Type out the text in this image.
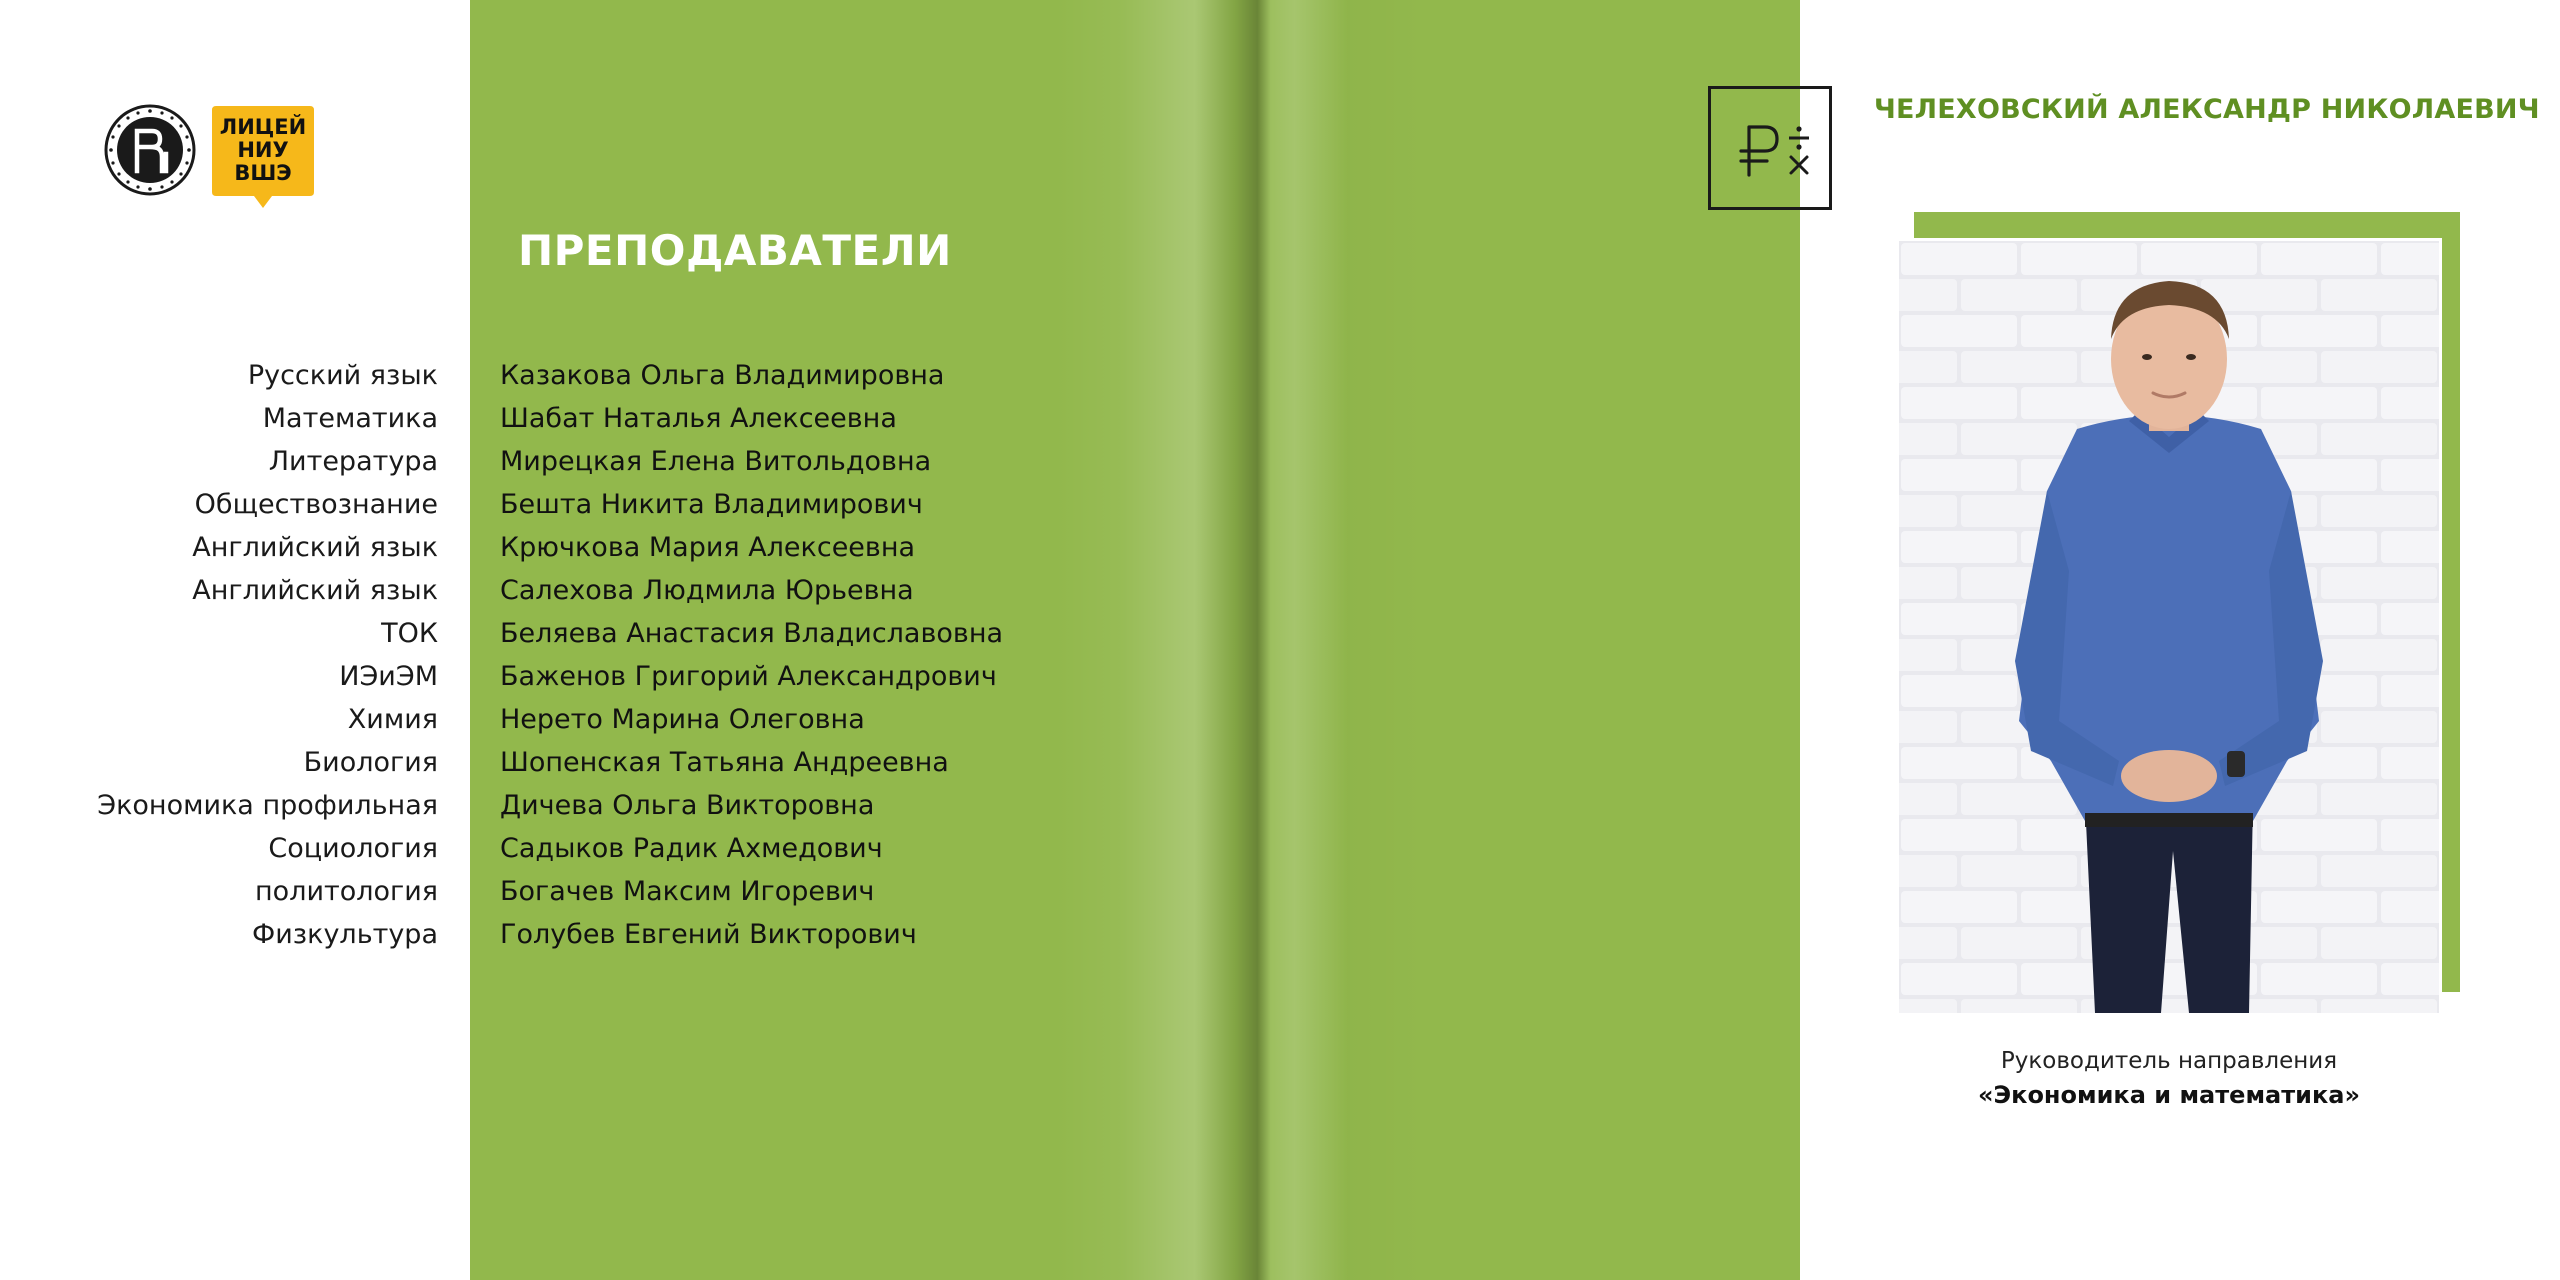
ЛИЦЕЙ
НИУ
ВШЭ
ПРЕПОДАВАТЕЛИ
Русский язык
Математика
Литература
Обществознание
Английский язык
Английский язык
ТОК
ИЭиЭМ
Химия
Биология
Экономика профильная
Социология
политология
Физкультура
Казакова Ольга Владимировна
Шабат Наталья Алексеевна
Мирецкая Елена Витольдовна
Бешта Никита Владимирович
Крючкова Мария Алексеевна
Салехова Людмила Юрьевна
Беляева Анастасия Владиславовна
Баженов Григорий Александрович
Нерето Марина Олеговна
Шопенская Татьяна Андреевна
Дичева Ольга Викторовна
Садыков Радик Ахмедович
Богачев Максим Игоревич
Голубев Евгений Викторович
ЧЕЛЕХОВСКИЙ АЛЕКСАНДР НИКОЛАЕВИЧ
Руководитель направления
«Экономика и математика»
